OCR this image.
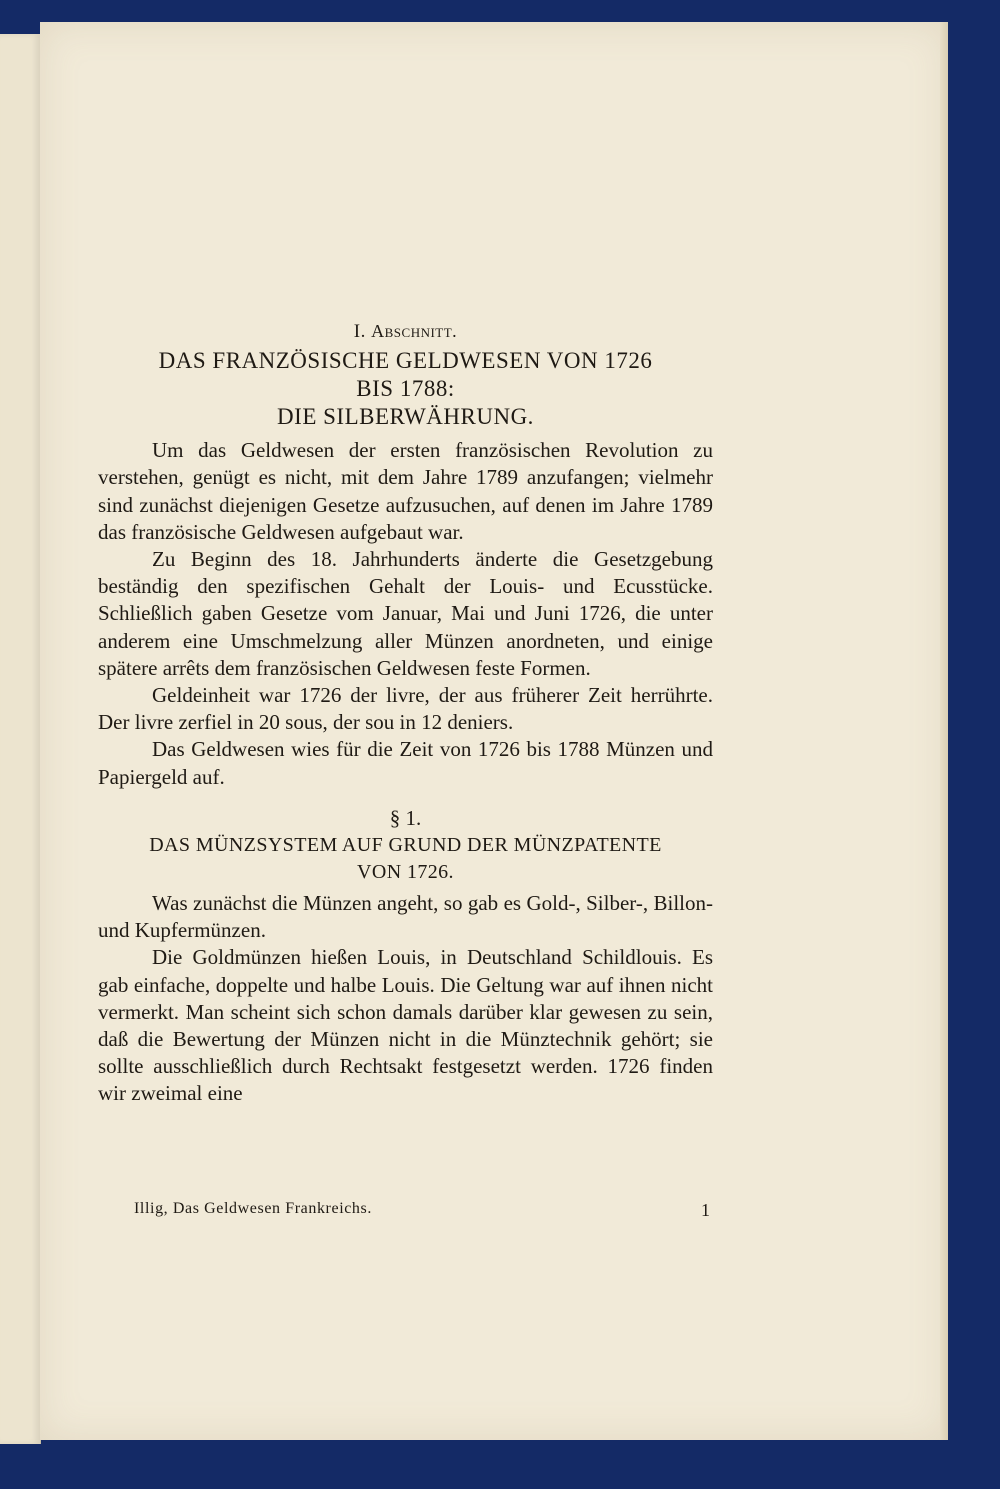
I. Abschnitt.
DAS FRANZÖSISCHE GELDWESEN VON 1726
BIS 1788:
DIE SILBERWÄHRUNG.

Um das Geldwesen der ersten französischen Revolution zu verstehen, genügt es nicht, mit dem Jahre 1789 anzufangen; vielmehr sind zunächst diejenigen Gesetze aufzusuchen, auf denen im Jahre 1789 das französische Geldwesen aufgebaut war.

Zu Beginn des 18. Jahrhunderts änderte die Gesetzgebung beständig den spezifischen Gehalt der Louis- und Ecusstücke. Schließlich gaben Gesetze vom Januar, Mai und Juni 1726, die unter anderem eine Umschmelzung aller Münzen anordneten, und einige spätere arrêts dem französischen Geldwesen feste Formen.

Geldeinheit war 1726 der livre, der aus früherer Zeit herrührte. Der livre zerfiel in 20 sous, der sou in 12 deniers.

Das Geldwesen wies für die Zeit von 1726 bis 1788 Münzen und Papiergeld auf.

§ 1.
DAS MÜNZSYSTEM AUF GRUND DER MÜNZPATENTE
VON 1726.

Was zunächst die Münzen angeht, so gab es Gold-, Silber-, Billon- und Kupfermünzen.

Die Goldmünzen hießen Louis, in Deutschland Schildlouis. Es gab einfache, doppelte und halbe Louis. Die Geltung war auf ihnen nicht vermerkt. Man scheint sich schon damals darüber klar gewesen zu sein, daß die Bewertung der Münzen nicht in die Münztechnik gehört; sie sollte ausschließlich durch Rechtsakt festgesetzt werden. 1726 finden wir zweimal eine

Illig, Das Geldwesen Frankreichs.	1
